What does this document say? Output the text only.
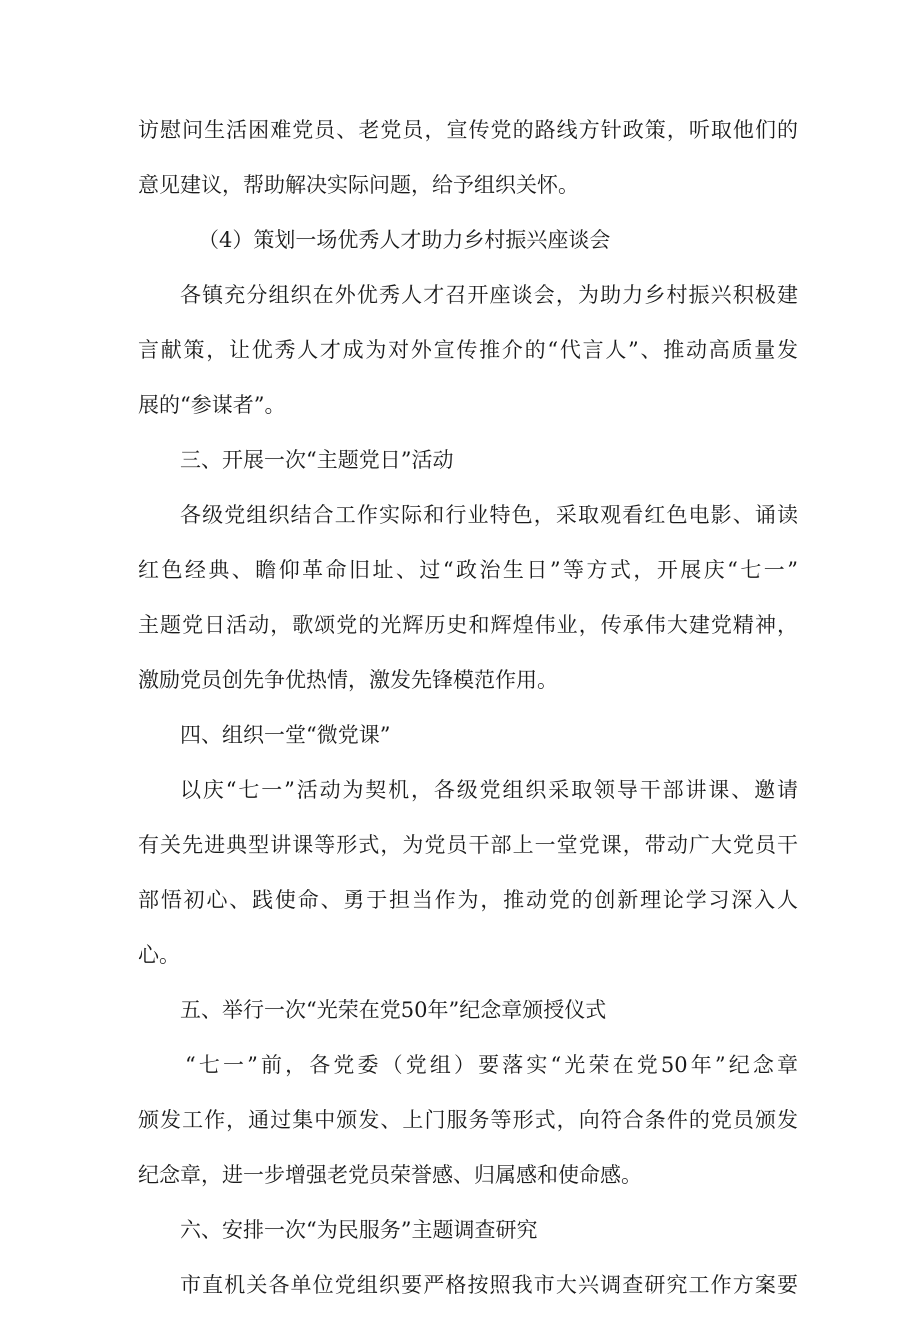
访慰问生活困难党员、老党员，宣传党的路线方针政策，听取他们的
意见建议，帮助解决实际问题，给予组织关怀。
（4）策划一场优秀人才助力乡村振兴座谈会
各镇充分组织在外优秀人才召开座谈会，为助力乡村振兴积极建
言献策，让优秀人才成为对外宣传推介的“代言人”、推动高质量发
展的“参谋者”。
三、开展一次“主题党日”活动
各级党组织结合工作实际和行业特色，采取观看红色电影、诵读
红色经典、瞻仰革命旧址、过“政治生日”等方式，开展庆“七一”
主题党日活动，歌颂党的光辉历史和辉煌伟业，传承伟大建党精神，
激励党员创先争优热情，激发先锋模范作用。
四、组织一堂“微党课”
以庆“七一”活动为契机，各级党组织采取领导干部讲课、邀请
有关先进典型讲课等形式，为党员干部上一堂党课，带动广大党员干
部悟初心、践使命、勇于担当作为，推动党的创新理论学习深入人
心。
五、举行一次“光荣在党50年”纪念章颁授仪式
“七一”前，各党委（党组）要落实“光荣在党50年”纪念章
颁发工作，通过集中颁发、上门服务等形式，向符合条件的党员颁发
纪念章，进一步增强老党员荣誉感、归属感和使命感。
六、安排一次“为民服务”主题调查研究
市直机关各单位党组织要严格按照我市大兴调查研究工作方案要
